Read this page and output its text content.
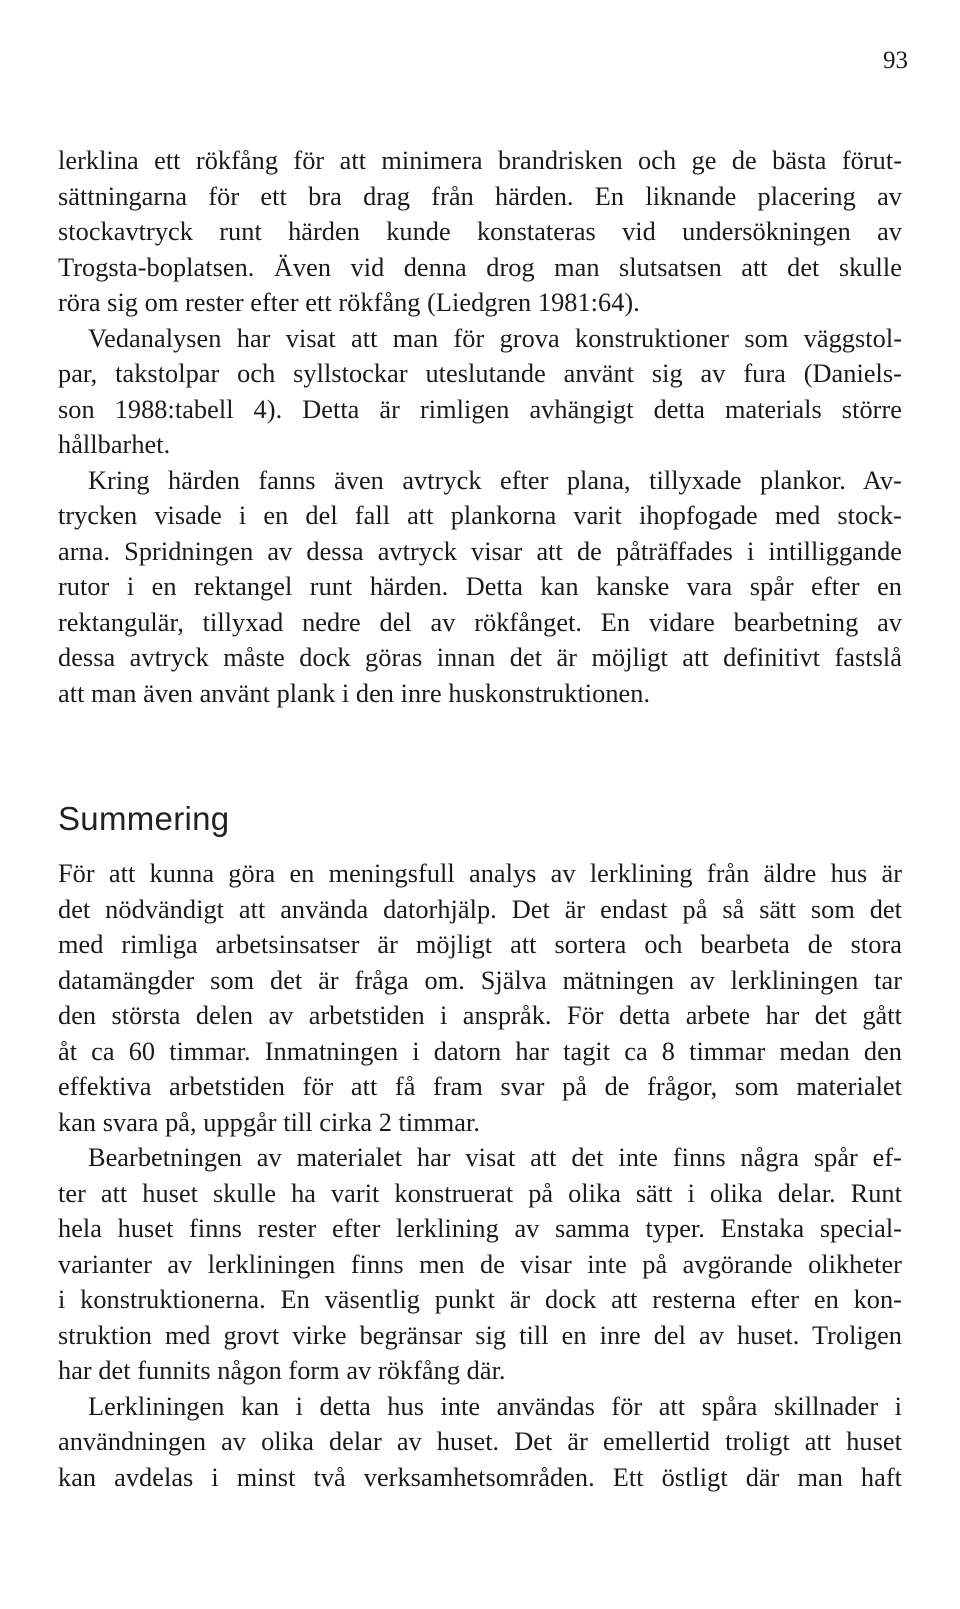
93
lerklina ett rökfång för att minimera brandrisken och ge de bästa förut-
sättningarna för ett bra drag från härden. En liknande placering av
stockavtryck runt härden kunde konstateras vid undersökningen av
Trogsta-boplatsen. Även vid denna drog man slutsatsen att det skulle
röra sig om rester efter ett rökfång (Liedgren 1981:64).
Vedanalysen har visat att man för grova konstruktioner som väggstol-
par, takstolpar och syllstockar uteslutande använt sig av fura (Daniels-
son 1988:tabell 4). Detta är rimligen avhängigt detta materials större
hållbarhet.
Kring härden fanns även avtryck efter plana, tillyxade plankor. Av-
trycken visade i en del fall att plankorna varit ihopfogade med stock-
arna. Spridningen av dessa avtryck visar att de påträffades i intilliggande
rutor i en rektangel runt härden. Detta kan kanske vara spår efter en
rektangulär, tillyxad nedre del av rökfånget. En vidare bearbetning av
dessa avtryck måste dock göras innan det är möjligt att definitivt fastslå
att man även använt plank i den inre huskonstruktionen.
Summering
För att kunna göra en meningsfull analys av lerklining från äldre hus är
det nödvändigt att använda datorhjälp. Det är endast på så sätt som det
med rimliga arbetsinsatser är möjligt att sortera och bearbeta de stora
datamängder som det är fråga om. Själva mätningen av lerkliningen tar
den största delen av arbetstiden i anspråk. För detta arbete har det gått
åt ca 60 timmar. Inmatningen i datorn har tagit ca 8 timmar medan den
effektiva arbetstiden för att få fram svar på de frågor, som materialet
kan svara på, uppgår till cirka 2 timmar.
Bearbetningen av materialet har visat att det inte finns några spår ef-
ter att huset skulle ha varit konstruerat på olika sätt i olika delar. Runt
hela huset finns rester efter lerklining av samma typer. Enstaka special-
varianter av lerkliningen finns men de visar inte på avgörande olikheter
i konstruktionerna. En väsentlig punkt är dock att resterna efter en kon-
struktion med grovt virke begränsar sig till en inre del av huset. Troligen
har det funnits någon form av rökfång där.
Lerkliningen kan i detta hus inte användas för att spåra skillnader i
användningen av olika delar av huset. Det är emellertid troligt att huset
kan avdelas i minst två verksamhetsområden. Ett östligt där man haft
